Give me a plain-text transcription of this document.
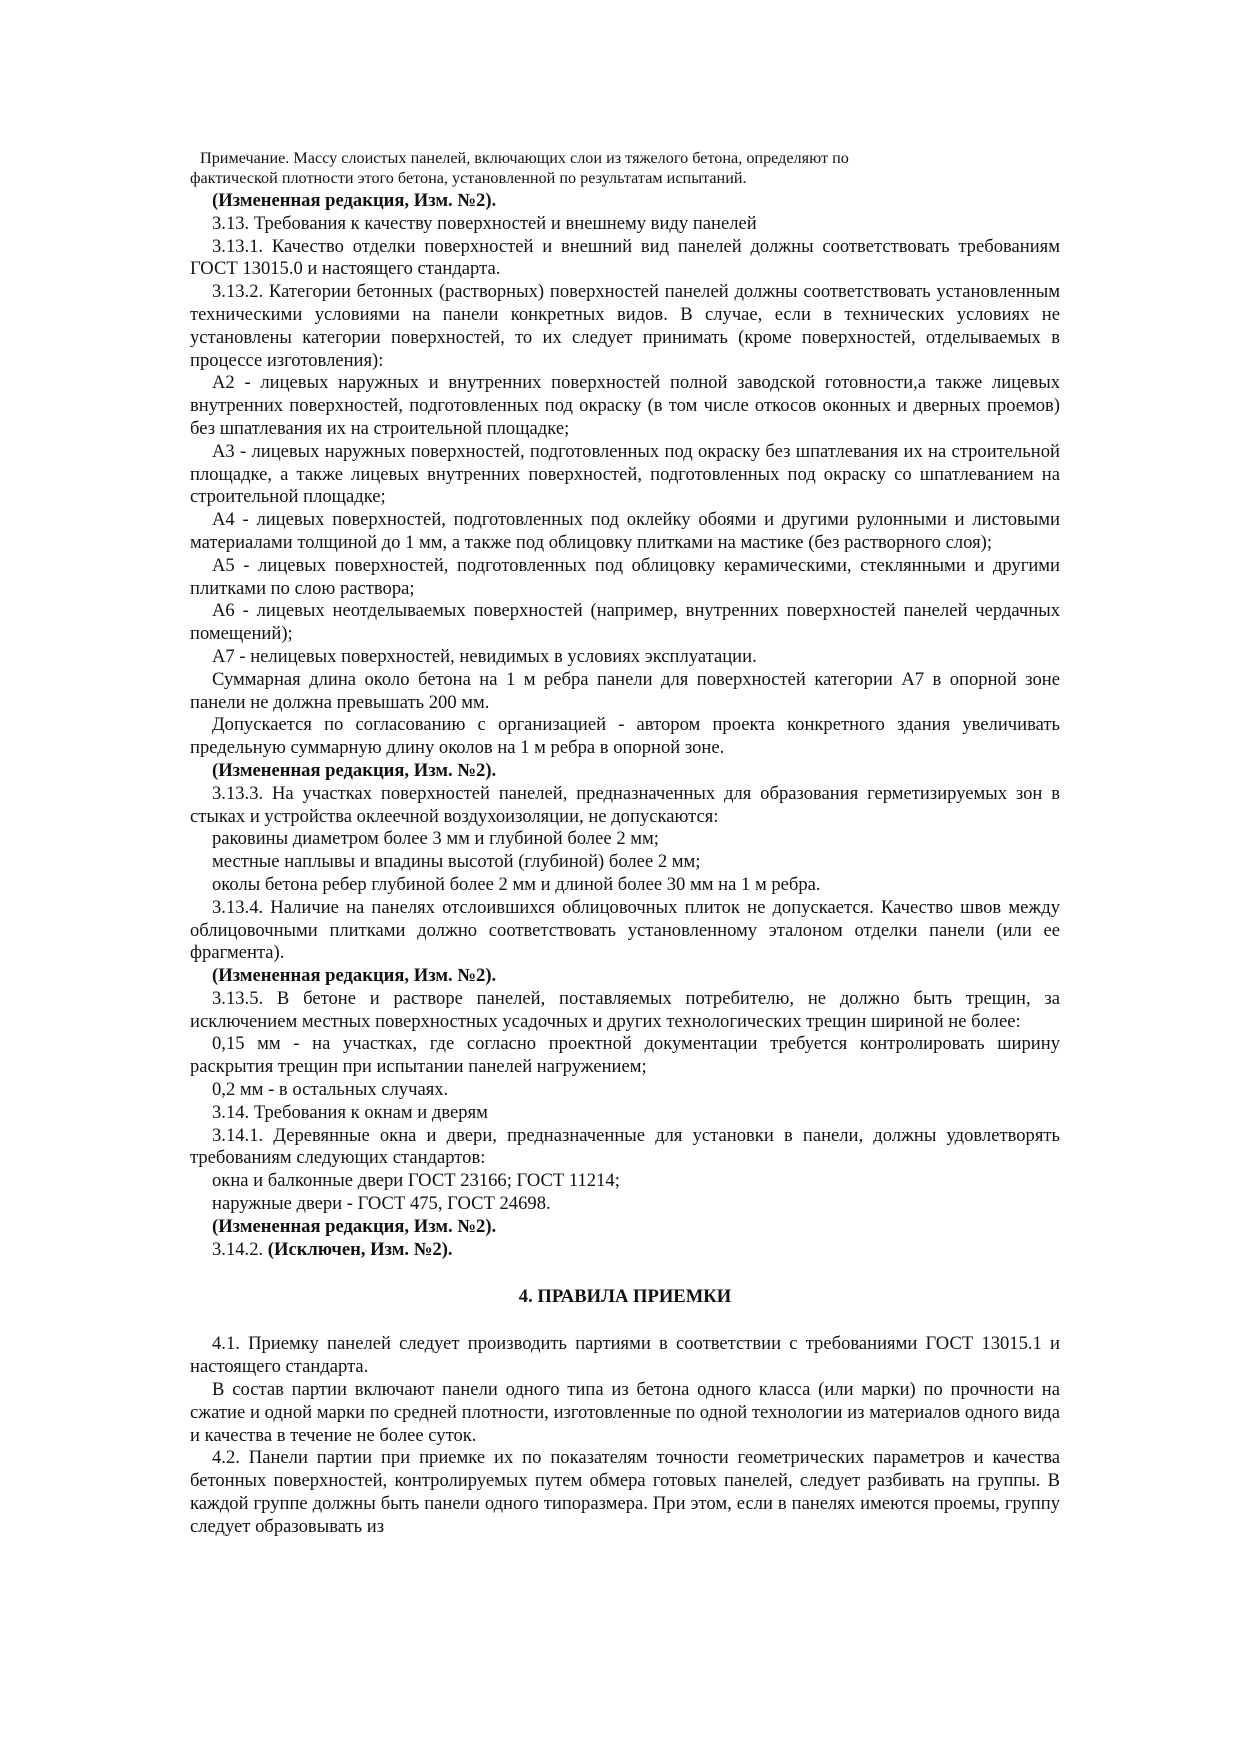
Примечание. Массу слоистых панелей, включающих слои из тяжелого бетона, определяют по
фактической плотности этого бетона, установленной по результатам испытаний.

(Измененная редакция, Изм. №2).

3.13. Требования к качеству поверхностей и внешнему виду панелей

3.13.1. Качество отделки поверхностей и внешний вид панелей должны соответствовать требованиям ГОСТ 13015.0 и настоящего стандарта.

3.13.2. Категории бетонных (растворных) поверхностей панелей должны соответствовать установленным техническими условиями на панели конкретных видов. В случае, если в технических условиях не установлены категории поверхностей, то их следует принимать (кроме поверхностей, отделываемых в процессе изготовления):

А2 - лицевых наружных и внутренних поверхностей полной заводской готовности,а также лицевых внутренних поверхностей, подготовленных под окраску (в том числе откосов оконных и дверных проемов) без шпатлевания их на строительной площадке;

А3 - лицевых наружных поверхностей, подготовленных под окраску без шпатлевания их на строительной площадке, а также лицевых внутренних поверхностей, подготовленных под окраску со шпатлеванием на строительной площадке;

А4 - лицевых поверхностей, подготовленных под оклейку обоями и другими рулонными и листовыми материалами толщиной до 1 мм, а также под облицовку плитками на мастике (без растворного слоя);

А5 - лицевых поверхностей, подготовленных под облицовку керамическими, стеклянными и другими плитками по слою раствора;

А6 - лицевых неотделываемых поверхностей (например, внутренних поверхностей панелей чердачных помещений);

А7 - нелицевых поверхностей, невидимых в условиях эксплуатации.

Суммарная длина около бетона на 1 м ребра панели для поверхностей категории А7 в опорной зоне панели не должна превышать 200 мм.

Допускается по согласованию с организацией - автором проекта конкретного здания увеличивать предельную суммарную длину околов на 1 м ребра в опорной зоне.

(Измененная редакция, Изм. №2).

3.13.3. На участках поверхностей панелей, предназначенных для образования герметизируемых зон в стыках и устройства оклеечной воздухоизоляции, не допускаются:

раковины диаметром более 3 мм и глубиной более 2 мм;

местные наплывы и впадины высотой (глубиной) более 2 мм;

околы бетона ребер глубиной более 2 мм и длиной более 30 мм на 1 м ребра.

3.13.4. Наличие на панелях отслоившихся облицовочных плиток не допускается. Качество швов между облицовочными плитками должно соответствовать установленному эталоном отделки панели (или ее фрагмента).

(Измененная редакция, Изм. №2).

3.13.5. В бетоне и растворе панелей, поставляемых потребителю, не должно быть трещин, за исключением местных поверхностных усадочных и других технологических трещин шириной не более:

0,15 мм - на участках, где согласно проектной документации требуется контролировать ширину раскрытия трещин при испытании панелей нагружением;

0,2 мм - в остальных случаях.

3.14. Требования к окнам и дверям

3.14.1. Деревянные окна и двери, предназначенные для установки в панели, должны удовлетворять требованиям следующих стандартов:

окна и балконные двери ГОСТ 23166; ГОСТ 11214;

наружные двери - ГОСТ 475, ГОСТ 24698.

(Измененная редакция, Изм. №2).

3.14.2. (Исключен, Изм. №2).

4. ПРАВИЛА ПРИЕМКИ

4.1. Приемку панелей следует производить партиями в соответствии с требованиями ГОСТ 13015.1 и настоящего стандарта.

В состав партии включают панели одного типа из бетона одного класса (или марки) по прочности на сжатие и одной марки по средней плотности, изготовленные по одной технологии из материалов одного вида и качества в течение не более суток.

4.2. Панели партии при приемке их по показателям точности геометрических параметров и качества бетонных поверхностей, контролируемых путем обмера готовых панелей, следует разбивать на группы. В каждой группе должны быть панели одного типоразмера. При этом, если в панелях имеются проемы, группу следует образовывать из
